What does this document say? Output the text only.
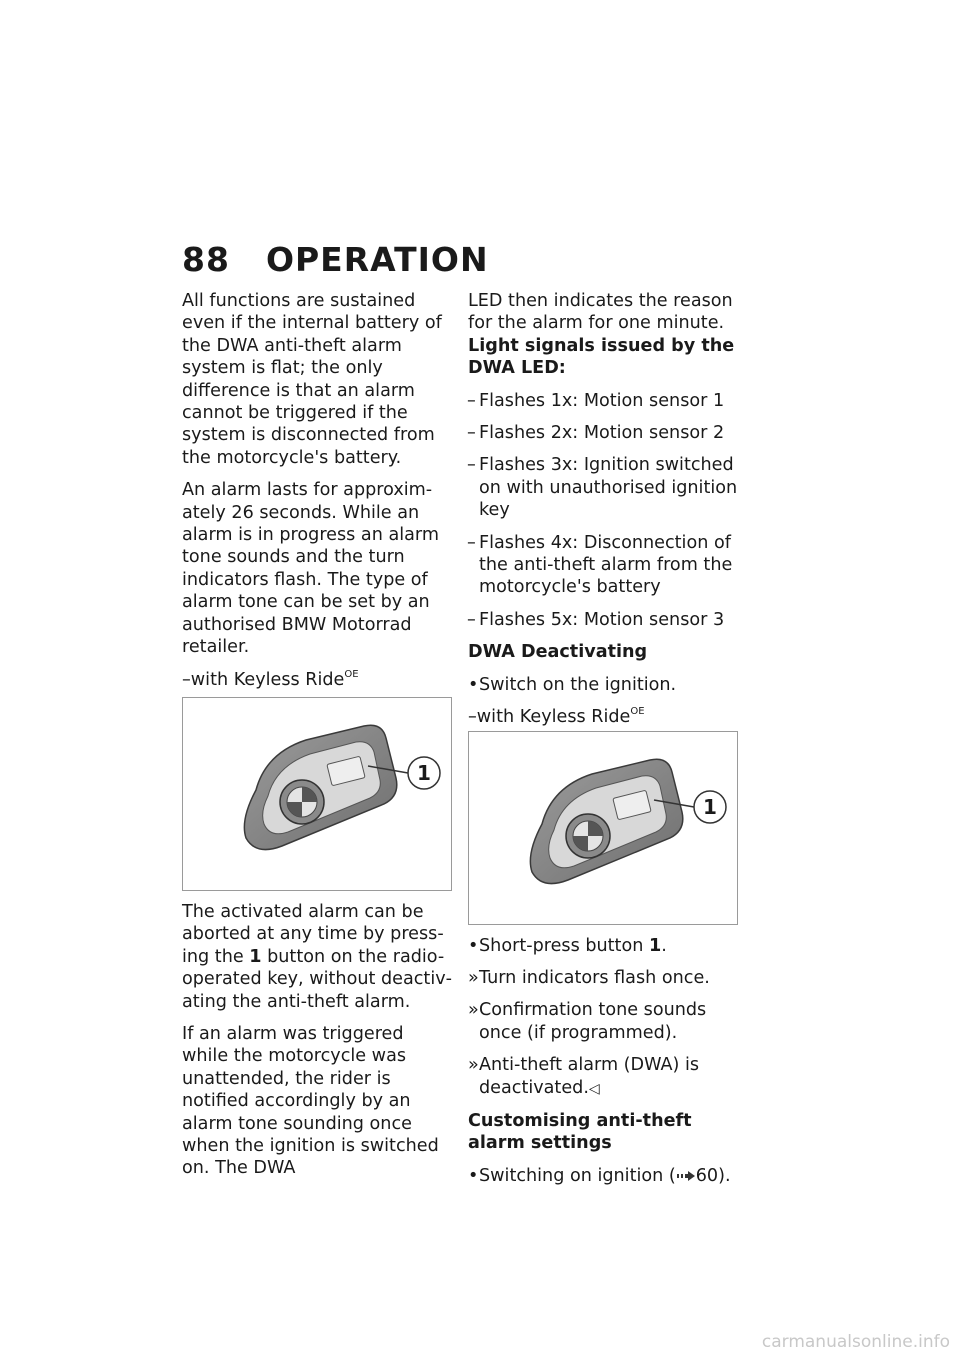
88 OPERATION

All functions are sustained even if the internal battery of the DWA anti-theft alarm system is flat; the only difference is that an alarm cannot be triggered if the system is disconnected from the motorcycle's battery.

An alarm lasts for approximately 26 seconds. While an alarm is in progress an alarm tone sounds and the turn indicators flash. The type of alarm tone can be set by an authorised BMW Motorrad retailer.

–with Keyless Ride$^{OE}$

1

The activated alarm can be aborted at any time by pressing the 1 button on the radio-operated key, without deactivating the anti-theft alarm.

If an alarm was triggered while the motorcycle was unattended, the rider is notified accordingly by an alarm tone sounding once when the ignition is switched on. The DWA

LED then indicates the reason for the alarm for one minute.

Light signals issued by the DWA LED:

– Flashes 1x: Motion sensor 1

– Flashes 2x: Motion sensor 2

– Flashes 3x: Ignition switched on with unauthorised ignition key

– Flashes 4x: Disconnection of the anti-theft alarm from the motorcycle's battery

– Flashes 5x: Motion sensor 3

DWA Deactivating

• Switch on the ignition.

–with Keyless Ride$^{OE}$

1

• Short-press button 1.

» Turn indicators flash once.

» Confirmation tone sounds once (if programmed).

» Anti-theft alarm (DWA) is deactivated.◁

Customising anti-theft alarm settings

• Switching on ignition ( 60).

carmanualsonline.info
